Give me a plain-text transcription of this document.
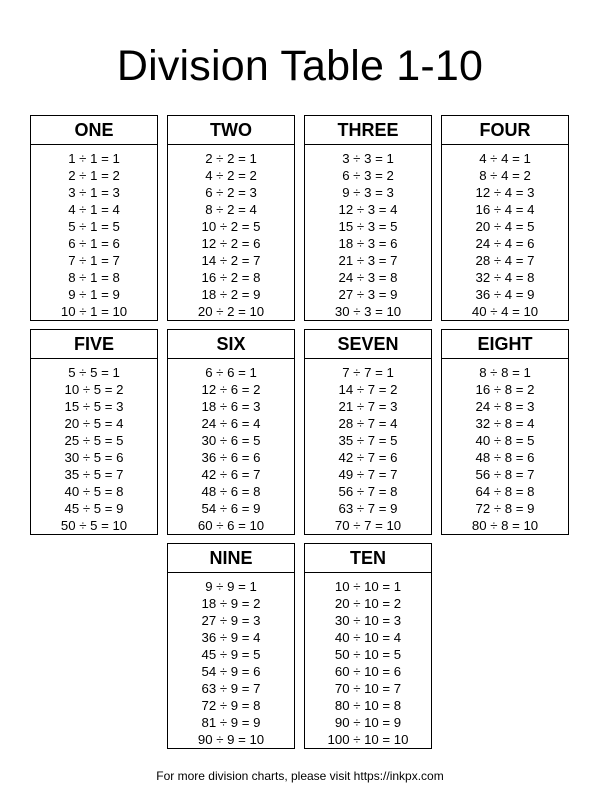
Division Table 1-10
ONE
1 ÷ 1 = 1
2 ÷ 1 = 2
3 ÷ 1 = 3
4 ÷ 1 = 4
5 ÷ 1 = 5
6 ÷ 1 = 6
7 ÷ 1 = 7
8 ÷ 1 = 8
9 ÷ 1 = 9
10 ÷ 1 = 10
TWO
2 ÷ 2 = 1
4 ÷ 2 = 2
6 ÷ 2 = 3
8 ÷ 2 = 4
10 ÷ 2 = 5
12 ÷ 2 = 6
14 ÷ 2 = 7
16 ÷ 2 = 8
18 ÷ 2 = 9
20 ÷ 2 = 10
THREE
3 ÷ 3 = 1
6 ÷ 3 = 2
9 ÷ 3 = 3
12 ÷ 3 = 4
15 ÷ 3 = 5
18 ÷ 3 = 6
21 ÷ 3 = 7
24 ÷ 3 = 8
27 ÷ 3 = 9
30 ÷ 3 = 10
FOUR
4 ÷ 4 = 1
8 ÷ 4 = 2
12 ÷ 4 = 3
16 ÷ 4 = 4
20 ÷ 4 = 5
24 ÷ 4 = 6
28 ÷ 4 = 7
32 ÷ 4 = 8
36 ÷ 4 = 9
40 ÷ 4 = 10
FIVE
5 ÷ 5 = 1
10 ÷ 5 = 2
15 ÷ 5 = 3
20 ÷ 5 = 4
25 ÷ 5 = 5
30 ÷ 5 = 6
35 ÷ 5 = 7
40 ÷ 5 = 8
45 ÷ 5 = 9
50 ÷ 5 = 10
SIX
6 ÷ 6 = 1
12 ÷ 6 = 2
18 ÷ 6 = 3
24 ÷ 6 = 4
30 ÷ 6 = 5
36 ÷ 6 = 6
42 ÷ 6 = 7
48 ÷ 6 = 8
54 ÷ 6 = 9
60 ÷ 6 = 10
SEVEN
7 ÷ 7 = 1
14 ÷ 7 = 2
21 ÷ 7 = 3
28 ÷ 7 = 4
35 ÷ 7 = 5
42 ÷ 7 = 6
49 ÷ 7 = 7
56 ÷ 7 = 8
63 ÷ 7 = 9
70 ÷ 7 = 10
EIGHT
8 ÷ 8 = 1
16 ÷ 8 = 2
24 ÷ 8 = 3
32 ÷ 8 = 4
40 ÷ 8 = 5
48 ÷ 8 = 6
56 ÷ 8 = 7
64 ÷ 8 = 8
72 ÷ 8 = 9
80 ÷ 8 = 10
NINE
9 ÷ 9 = 1
18 ÷ 9 = 2
27 ÷ 9 = 3
36 ÷ 9 = 4
45 ÷ 9 = 5
54 ÷ 9 = 6
63 ÷ 9 = 7
72 ÷ 9 = 8
81 ÷ 9 = 9
90 ÷ 9 = 10
TEN
10 ÷ 10 = 1
20 ÷ 10 = 2
30 ÷ 10 = 3
40 ÷ 10 = 4
50 ÷ 10 = 5
60 ÷ 10 = 6
70 ÷ 10 = 7
80 ÷ 10 = 8
90 ÷ 10 = 9
100 ÷ 10 = 10
For more division charts, please visit https://inkpx.com
